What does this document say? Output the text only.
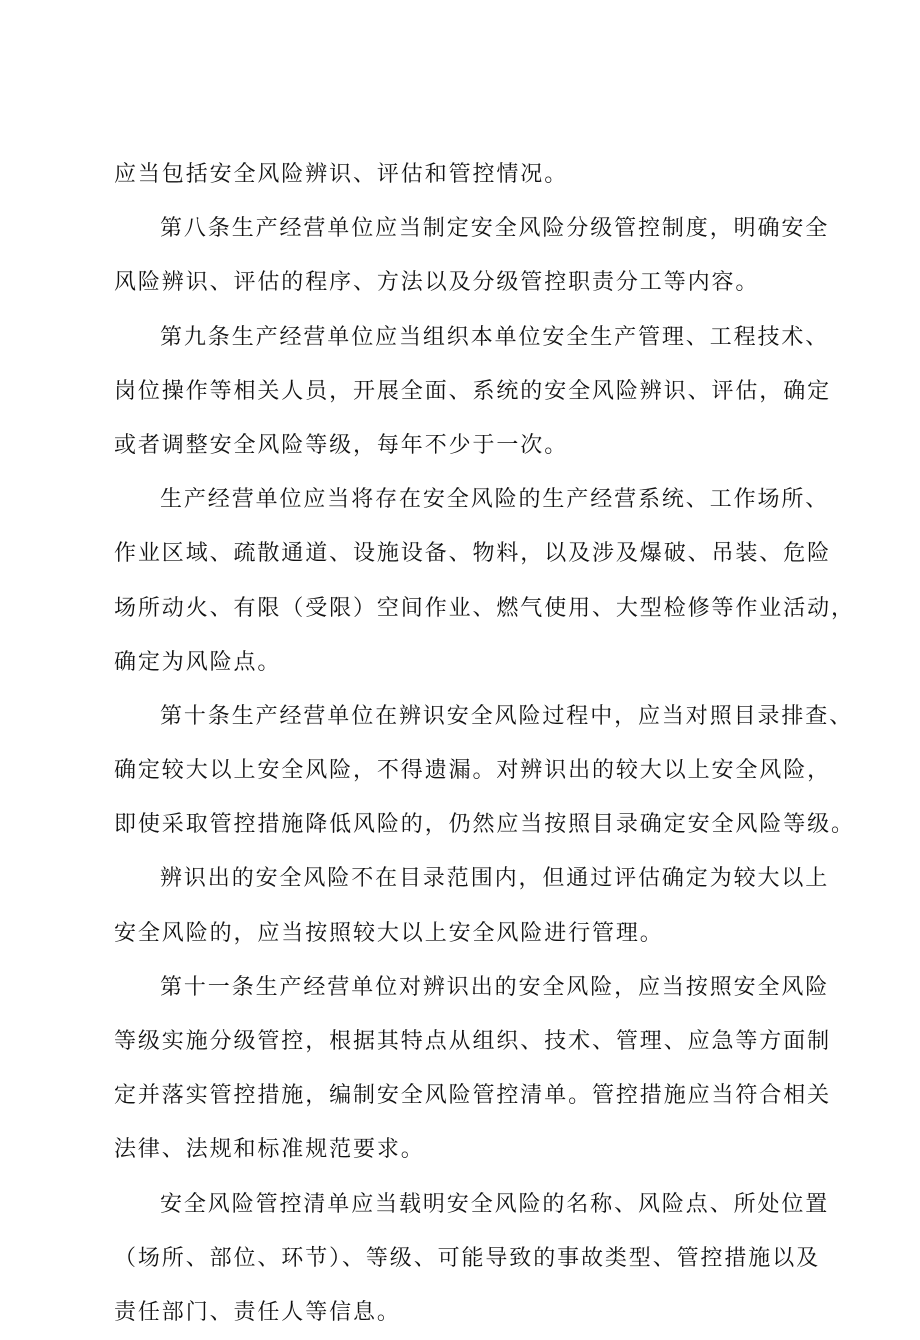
应当包括安全风险辨识、评估和管控情况。
第八条生产经营单位应当制定安全风险分级管控制度，明确安全
风险辨识、评估的程序、方法以及分级管控职责分工等内容。
第九条生产经营单位应当组织本单位安全生产管理、工程技术、
岗位操作等相关人员，开展全面、系统的安全风险辨识、评估，确定
或者调整安全风险等级，每年不少于一次。
生产经营单位应当将存在安全风险的生产经营系统、工作场所、
作业区域、疏散通道、设施设备、物料，以及涉及爆破、吊装、危险
场所动火、有限（受限）空间作业、燃气使用、大型检修等作业活动，
确定为风险点。
第十条生产经营单位在辨识安全风险过程中，应当对照目录排查、
确定较大以上安全风险，不得遗漏。对辨识出的较大以上安全风险，
即使采取管控措施降低风险的，仍然应当按照目录确定安全风险等级。
辨识出的安全风险不在目录范围内，但通过评估确定为较大以上
安全风险的，应当按照较大以上安全风险进行管理。
第十一条生产经营单位对辨识出的安全风险，应当按照安全风险
等级实施分级管控，根据其特点从组织、技术、管理、应急等方面制
定并落实管控措施，编制安全风险管控清单。管控措施应当符合相关
法律、法规和标准规范要求。
安全风险管控清单应当载明安全风险的名称、风险点、所处位置
（场所、部位、环节）、等级、可能导致的事故类型、管控措施以及
责任部门、责任人等信息。
